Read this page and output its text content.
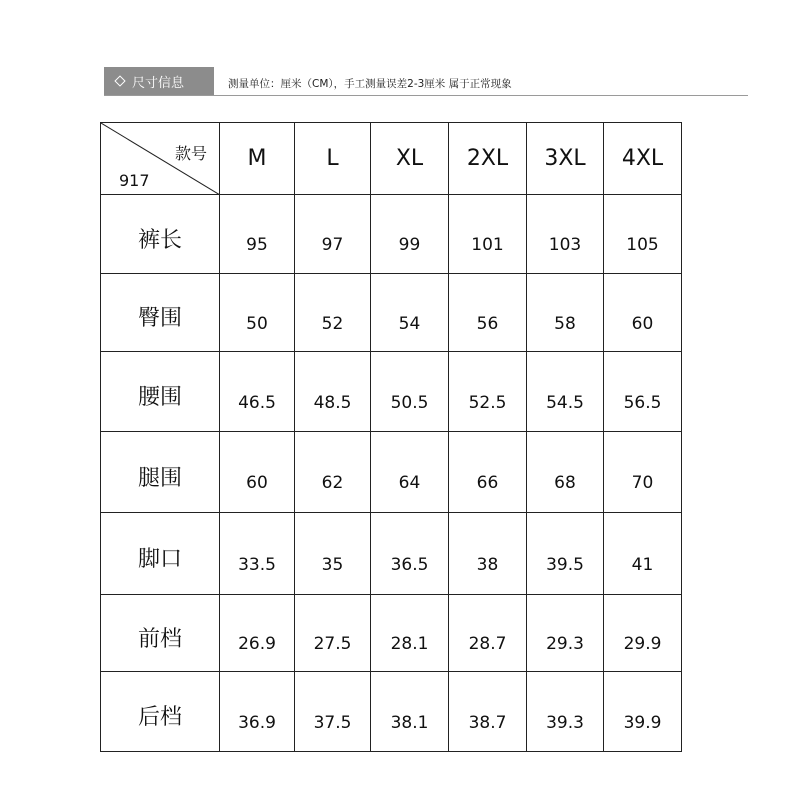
尺寸信息	测量单位：厘米（CM），手工测量误差2-3厘米 属于正常现象
款号
917	M	L	XL	2XL	3XL	4XL
裤长	95	97	99	101	103	105
臀围	50	52	54	56	58	60
腰围	46.5	48.5	50.5	52.5	54.5	56.5
腿围	60	62	64	66	68	70
脚口	33.5	35	36.5	38	39.5	41
前档	26.9	27.5	28.1	28.7	29.3	29.9
后档	36.9	37.5	38.1	38.7	39.3	39.9
